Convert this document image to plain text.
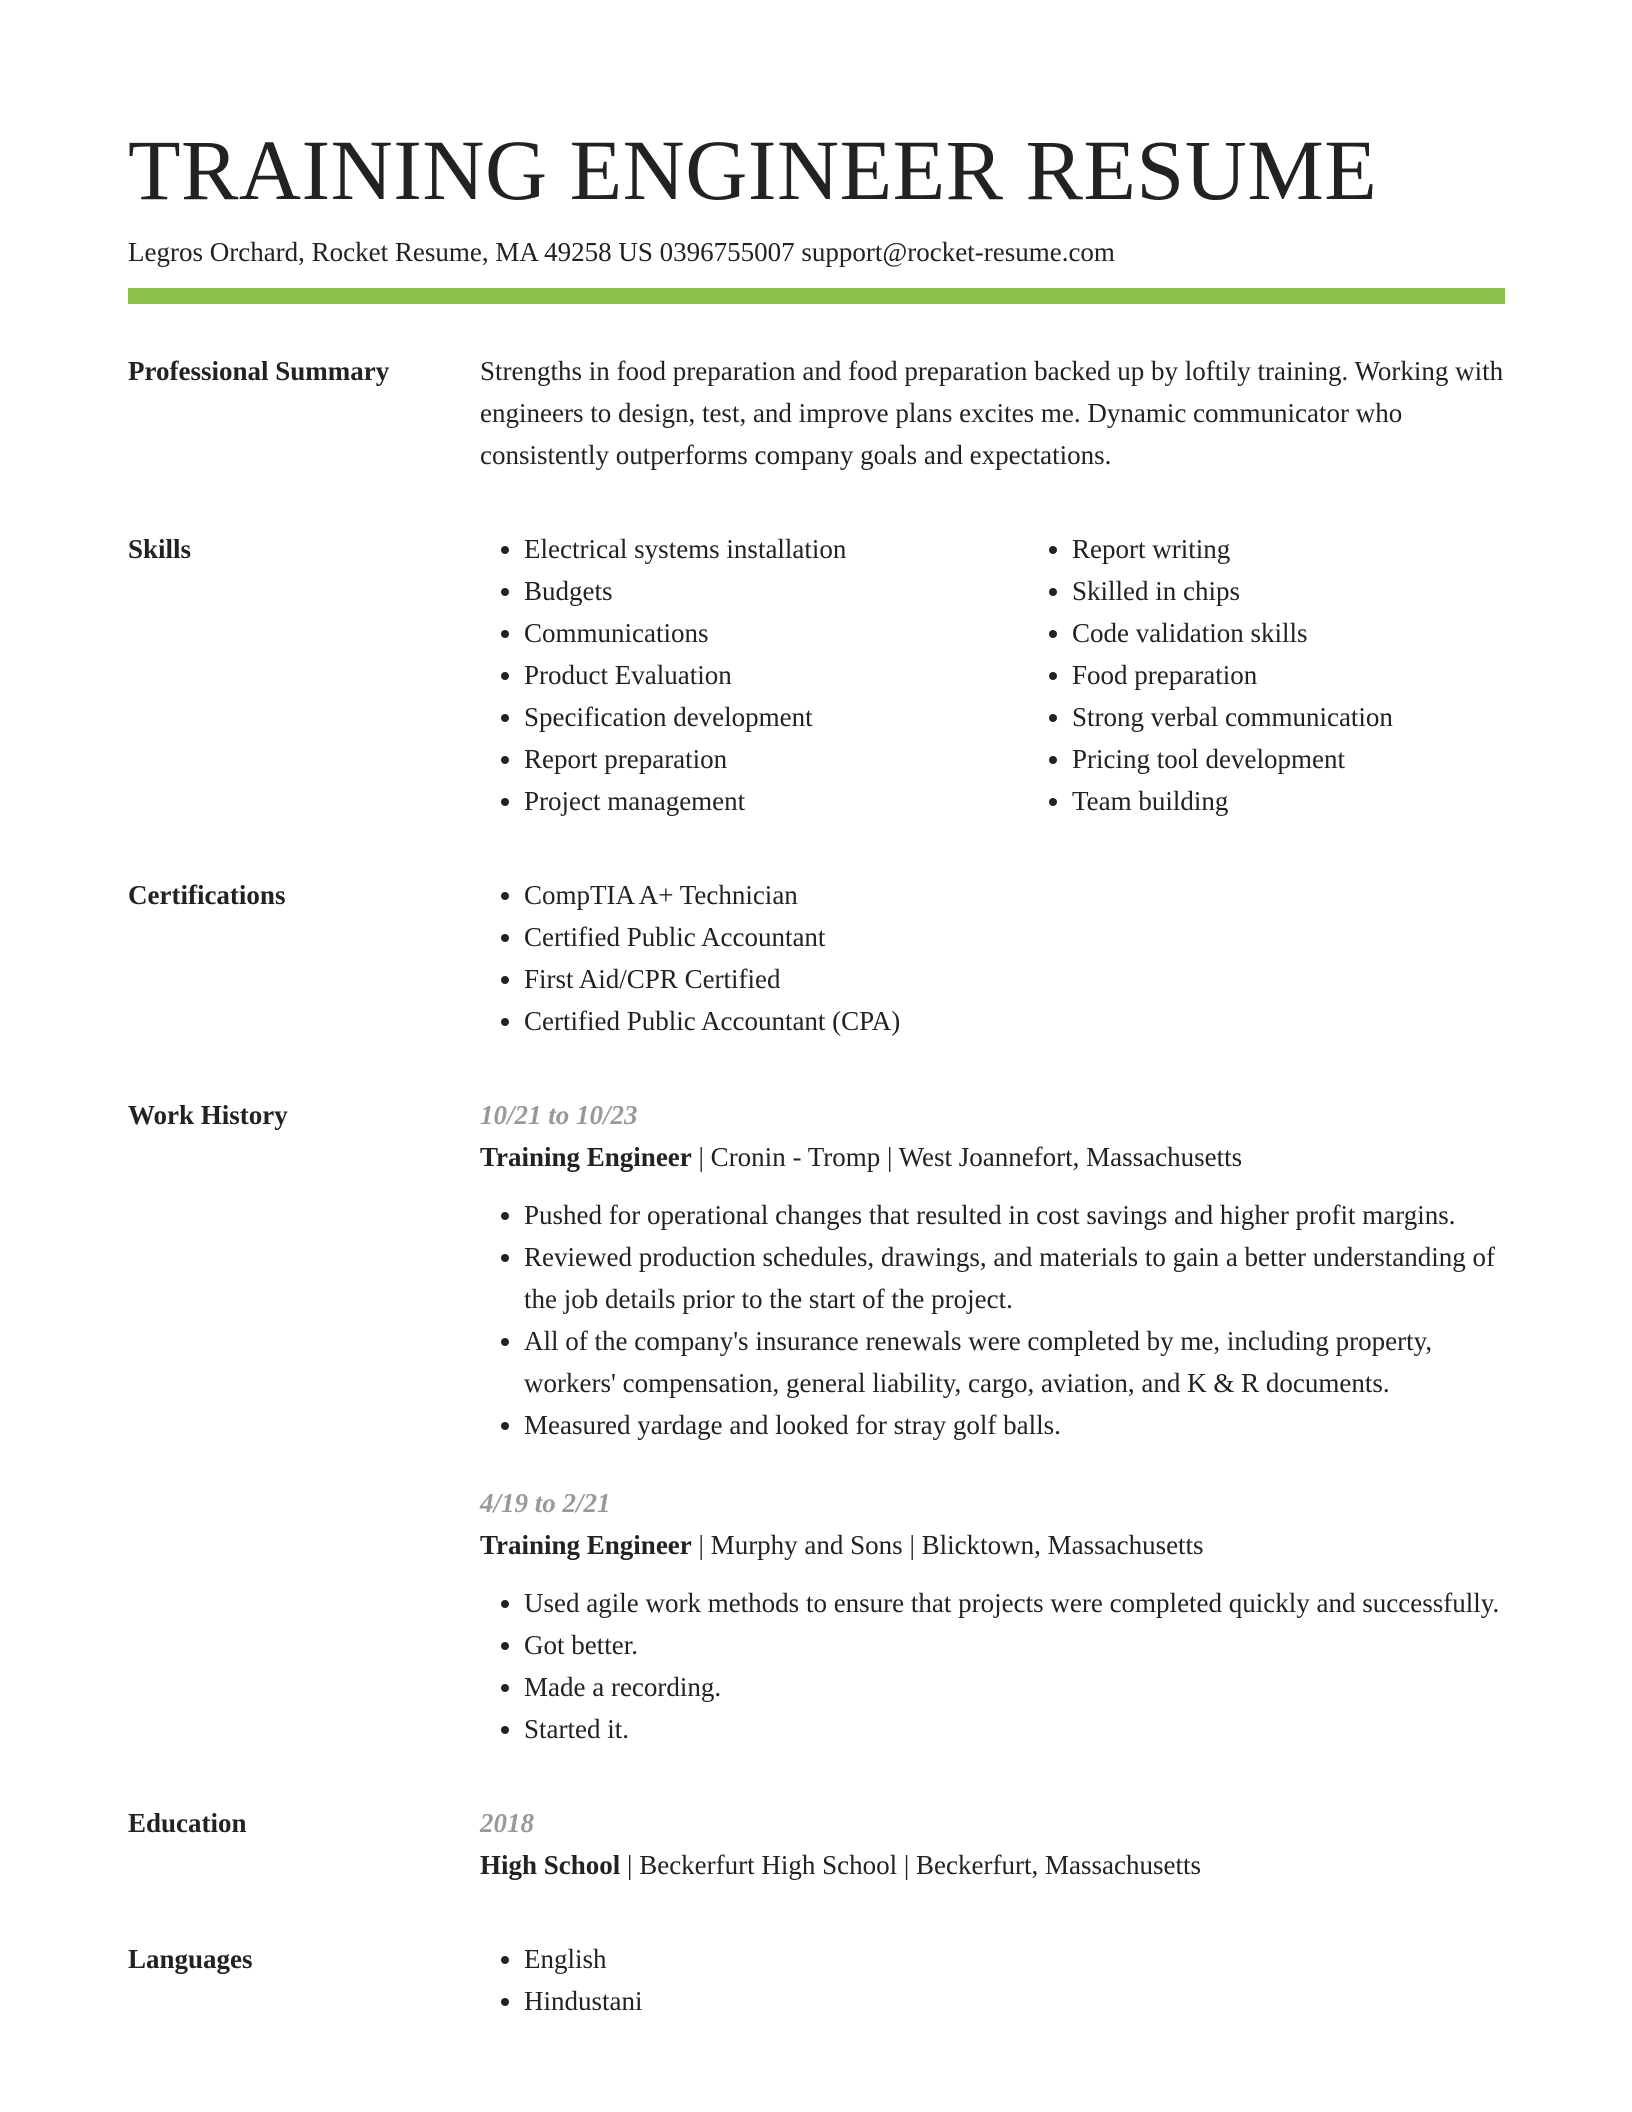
TRAINING ENGINEER RESUME
Legros Orchard, Rocket Resume, MA 49258 US 0396755007 support@rocket-resume.com
Professional Summary	Strengths in food preparation and food preparation backed up by loftily training. Working with engineers to design, test, and improve plans excites me. Dynamic communicator who consistently outperforms company goals and expectations.

Skills	• Electrical systems installation
• Budgets
• Communications
• Product Evaluation
• Specification development
• Report preparation
• Project management
• Report writing
• Skilled in chips
• Code validation skills
• Food preparation
• Strong verbal communication
• Pricing tool development
• Team building
Certifications	• CompTIA A+ Technician
• Certified Public Accountant
• First Aid/CPR Certified
• Certified Public Accountant (CPA)
Work History	10/21 to 10/23
Training Engineer | Cronin - Tromp | West Joannefort, Massachusetts
• Pushed for operational changes that resulted in cost savings and higher profit margins.
• Reviewed production schedules, drawings, and materials to gain a better understanding of the job details prior to the start of the project.
• All of the company's insurance renewals were completed by me, including property, workers' compensation, general liability, cargo, aviation, and K & R documents.
• Measured yardage and looked for stray golf balls.
4/19 to 2/21
Training Engineer | Murphy and Sons | Blicktown, Massachusetts
• Used agile work methods to ensure that projects were completed quickly and successfully.
• Got better.
• Made a recording.
• Started it.
Education	2018
High School | Beckerfurt High School | Beckerfurt, Massachusetts
Languages	• English
• Hindustani
